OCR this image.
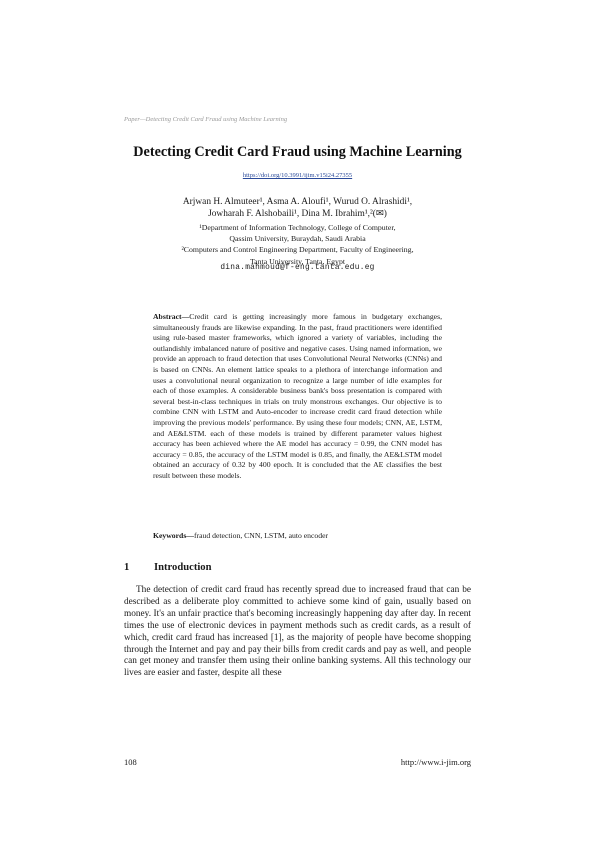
Paper—Detecting Credit Card Fraud using Machine Learning
Detecting Credit Card Fraud using Machine Learning
https://doi.org/10.3991/ijim.v15i24.27355
Arjwan H. Almuteer¹, Asma A. Aloufi¹, Wurud O. Alrashidi¹,
Jowharah F. Alshobaili¹, Dina M. Ibrahim¹,²(✉)
¹Department of Information Technology, College of Computer,
Qassim University, Buraydah, Saudi Arabia
²Computers and Control Engineering Department, Faculty of Engineering,
Tanta University, Tanta, Egypt
dina.mahmoud@f-eng.tanta.edu.eg
Abstract—Credit card is getting increasingly more famous in budgetary exchanges, simultaneously frauds are likewise expanding. In the past, fraud practitioners were identified using rule-based master frameworks, which ignored a variety of variables, including the outlandishly imbalanced nature of positive and negative cases. Using named information, we provide an approach to fraud detection that uses Convolutional Neural Networks (CNNs) and is based on CNNs. An element lattice speaks to a plethora of interchange information and uses a convolutional neural organization to recognize a large number of idle examples for each of those examples. A considerable business bank's boss presentation is compared with several best-in-class techniques in trials on truly monstrous exchanges. Our objective is to combine CNN with LSTM and Auto-encoder to increase credit card fraud detection while improving the previous models' performance. By using these four models; CNN, AE, LSTM, and AE&LSTM. each of these models is trained by different parameter values highest accuracy has been achieved where the AE model has accuracy = 0.99, the CNN model has accuracy = 0.85, the accuracy of the LSTM model is 0.85, and finally, the AE&LSTM model obtained an accuracy of 0.32 by 400 epoch. It is concluded that the AE classifies the best result between these models.
Keywords—fraud detection, CNN, LSTM, auto encoder
1 Introduction

The detection of credit card fraud has recently spread due to increased fraud that can be described as a deliberate ploy committed to achieve some kind of gain, usually based on money. It's an unfair practice that's becoming increasingly happening day after day. In recent times the use of electronic devices in payment methods such as credit cards, as a result of which, credit card fraud has increased [1], as the majority of people have become shopping through the Internet and pay and pay their bills from credit cards and pay as well, and people can get money and transfer them using their online banking systems. All this technology our lives are easier and faster, despite all these

108	http://www.i-jim.org
